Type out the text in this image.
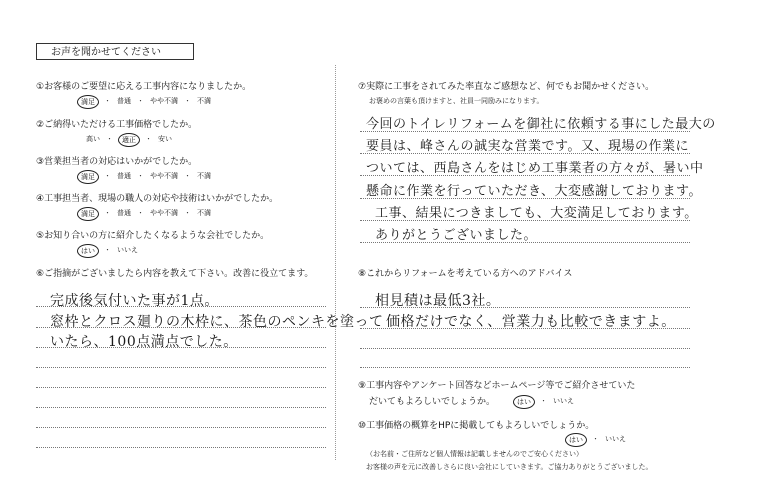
お声を聞かせてください
①お客様のご要望に応える工事内容になりましたか。
満足	・ 普通 ・ やや不満 ・ 不満
②ご納得いただける工事価格でしたか。
高い ・	適正	・ 安い
③営業担当者の対応はいかがでしたか。
満足	・ 普通 ・ やや不満 ・ 不満
④工事担当者、現場の職人の対応や技術はいかがでしたか。
満足	・ 普通 ・ やや不満 ・ 不満
⑤お知り合いの方に紹介したくなるような会社でしたか。
はい	・ いいえ
⑥ご指摘がございましたら内容を教えて下さい。改善に役立てます。
完成後気付いた事が1点。
窓枠とクロス廻りの木枠に、茶色のペンキを塗って
いたら、100点満点でした。
⑦実際に工事をされてみた率直なご感想など、何でもお聞かせください。
お褒めの言葉も頂けますと、社員一同励みになります。
今回のトイレリフォームを御社に依頼する事にした最大の
要員は、峰さんの誠実な営業です。又、現場の作業に
ついては、西島さんをはじめ工事業者の方々が、暑い中
懸命に作業を行っていただき、大変感謝しております。
工事、結果につきましても、大変満足しております。
ありがとうございました。
⑧これからリフォームを考えている方へのアドバイス
相見積は最低3社。
価格だけでなく、営業力も比較できますよ。
⑨工事内容やアンケート回答などホームページ等でご紹介させていた
だいてもよろしいでしょうか。	はい	・ いいえ
⑩工事価格の概算をHPに掲載してもよろしいでしょうか。
はい	・ いいえ
（お名前・ご住所など個人情報は記載しませんのでご安心ください）
お客様の声を元に改善しさらに良い会社にしていきます。ご協力ありがとうございました。
